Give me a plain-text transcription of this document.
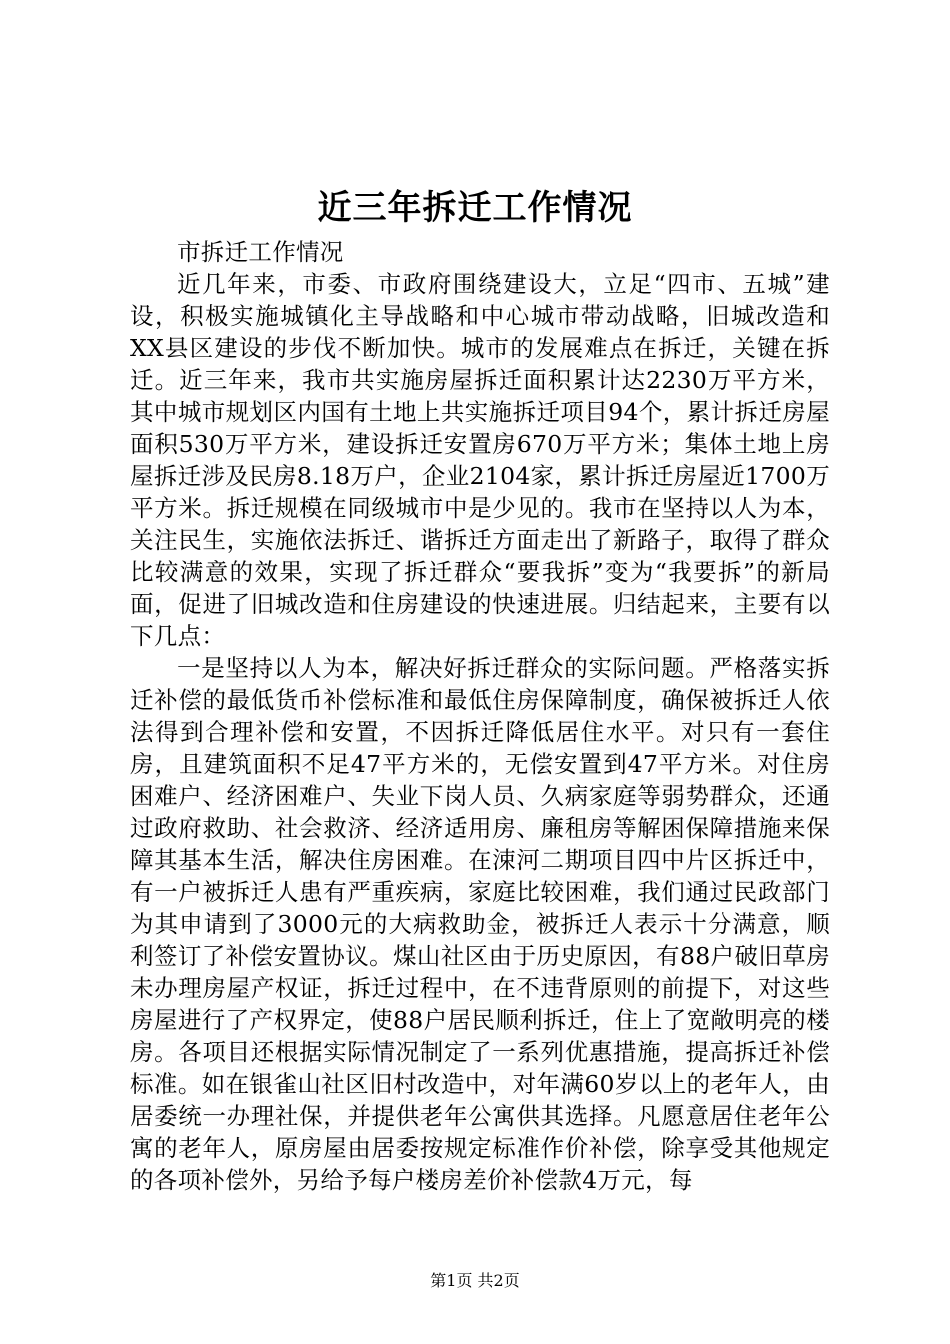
近三年拆迁工作情况

市拆迁工作情况

近几年来，市委、市政府围绕建设大，立足“四市、五城”建设，积极实施城镇化主导战略和中心城市带动战略，旧城改造和XX县区建设的步伐不断加快。城市的发展难点在拆迁，关键在拆迁。近三年来，我市共实施房屋拆迁面积累计达2230万平方米，其中城市规划区内国有土地上共实施拆迁项目94个，累计拆迁房屋面积530万平方米，建设拆迁安置房670万平方米；集体土地上房屋拆迁涉及民房8.18万户，企业2104家，累计拆迁房屋近1700万平方米。拆迁规模在同级城市中是少见的。我市在坚持以人为本，关注民生，实施依法拆迁、谐拆迁方面走出了新路子，取得了群众比较满意的效果，实现了拆迁群众“要我拆”变为“我要拆”的新局面，促进了旧城改造和住房建设的快速进展。归结起来，主要有以下几点：

一是坚持以人为本，解决好拆迁群众的实际问题。严格落实拆迁补偿的最低货币补偿标准和最低住房保障制度，确保被拆迁人依法得到合理补偿和安置，不因拆迁降低居住水平。对只有一套住房，且建筑面积不足47平方米的，无偿安置到47平方米。对住房困难户、经济困难户、失业下岗人员、久病家庭等弱势群众，还通过政府救助、社会救济、经济适用房、廉租房等解困保障措施来保障其基本生活，解决住房困难。在涑河二期项目四中片区拆迁中，有一户被拆迁人患有严重疾病，家庭比较困难，我们通过民政部门为其申请到了3000元的大病救助金，被拆迁人表示十分满意，顺利签订了补偿安置协议。煤山社区由于历史原因，有88户破旧草房未办理房屋产权证，拆迁过程中，在不违背原则的前提下，对这些房屋进行了产权界定，使88户居民顺利拆迁，住上了宽敞明亮的楼房。各项目还根据实际情况制定了一系列优惠措施，提高拆迁补偿标准。如在银雀山社区旧村改造中，对年满60岁以上的老年人，由居委统一办理社保，并提供老年公寓供其选择。凡愿意居住老年公寓的老年人，原房屋由居委按规定标准作价补偿，除享受其他规定的各项补偿外，另给予每户楼房差价补偿款4万元，每

第1页 共2页
